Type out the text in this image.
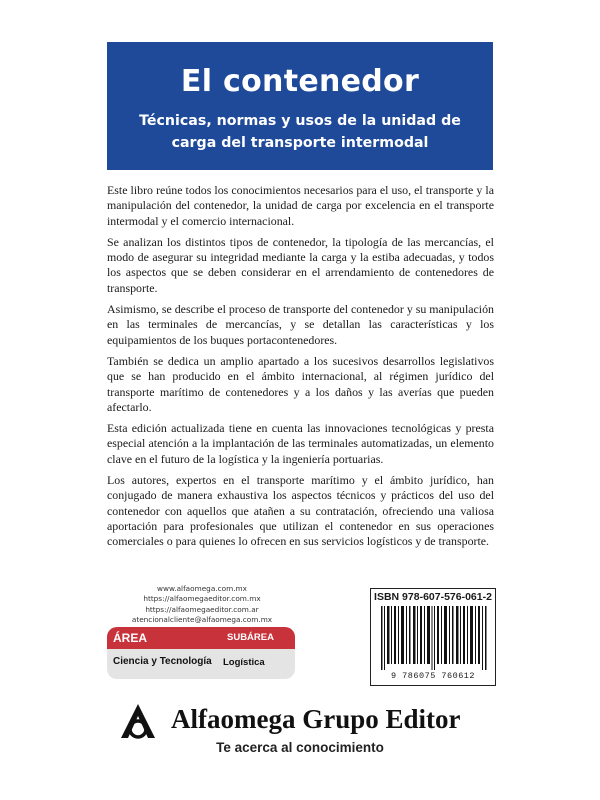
El contenedor
Técnicas, normas y usos de la unidad de carga del transporte intermodal

Este libro reúne todos los conocimientos necesarios para el uso, el transporte y la manipulación del contenedor, la unidad de carga por excelencia en el transporte intermodal y el comercio internacional.

Se analizan los distintos tipos de contenedor, la tipología de las mercancías, el modo de asegurar su integridad mediante la carga y la estiba adecuadas, y todos los aspectos que se deben considerar en el arrendamiento de contenedores de transporte.

Asimismo, se describe el proceso de transporte del contenedor y su manipulación en las terminales de mercancías, y se detallan las características y los equipamientos de los buques portacontenedores.

También se dedica un amplio apartado a los sucesivos desarrollos legislativos que se han producido en el ámbito internacional, al régimen jurídico del transporte marítimo de contenedores y a los daños y las averías que pueden afectarlo.

Esta edición actualizada tiene en cuenta las innovaciones tecnológicas y presta especial atención a la implantación de las terminales automatizadas, un elemento clave en el futuro de la logística y la ingeniería portuarias.

Los autores, expertos en el transporte marítimo y el ámbito jurídico, han conjugado de manera exhaustiva los aspectos técnicos y prácticos del uso del contenedor con aquellos que atañen a su contratación, ofreciendo una valiosa aportación para profesionales que utilizan el contenedor en sus operaciones comerciales o para quienes lo ofrecen en sus servicios logísticos y de transporte.

www.alfaomega.com.mx
https://alfaomegaeditor.com.mx
https://alfaomegaeditor.com.ar
atencionalcliente@alfaomega.com.mx
ÁREA	SUBÁREA
Ciencia y Tecnología Logística
ISBN 978-607-576-061-2
9 786075 760612
Alfaomega Grupo Editor
Te acerca al conocimiento
